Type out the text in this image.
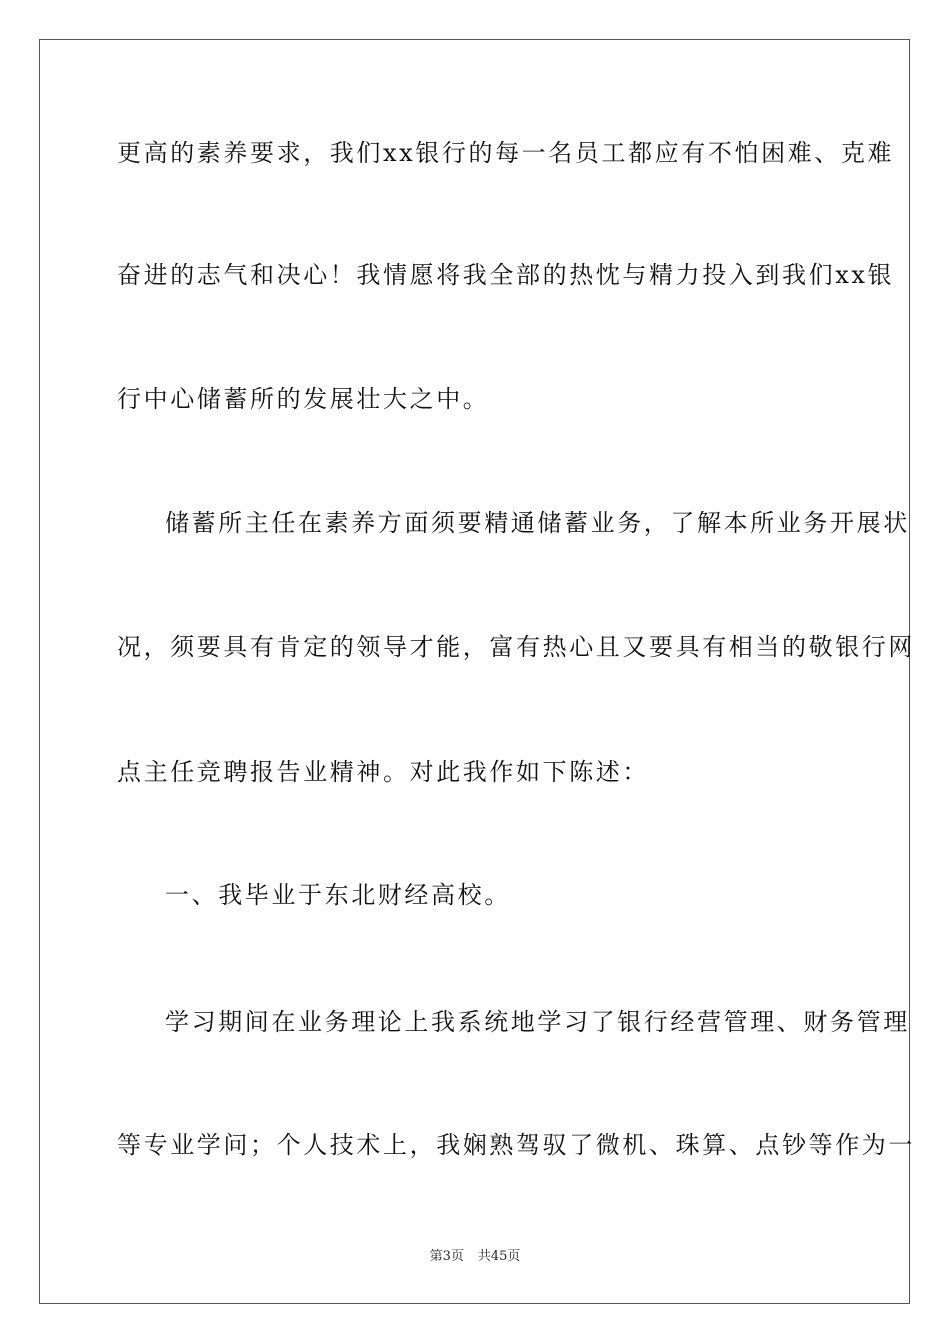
更高的素养要求，我们xx银行的每一名员工都应有不怕困难、克难
奋进的志气和决心！我情愿将我全部的热忱与精力投入到我们xx银
行中心储蓄所的发展壮大之中。
储蓄所主任在素养方面须要精通储蓄业务，了解本所业务开展状
况，须要具有肯定的领导才能，富有热心且又要具有相当的敬银行网
点主任竞聘报告业精神。对此我作如下陈述：
一、我毕业于东北财经高校。
学习期间在业务理论上我系统地学习了银行经营管理、财务管理
等专业学问；个人技术上，我娴熟驾驭了微机、珠算、点钞等作为一
第3页 共45页
